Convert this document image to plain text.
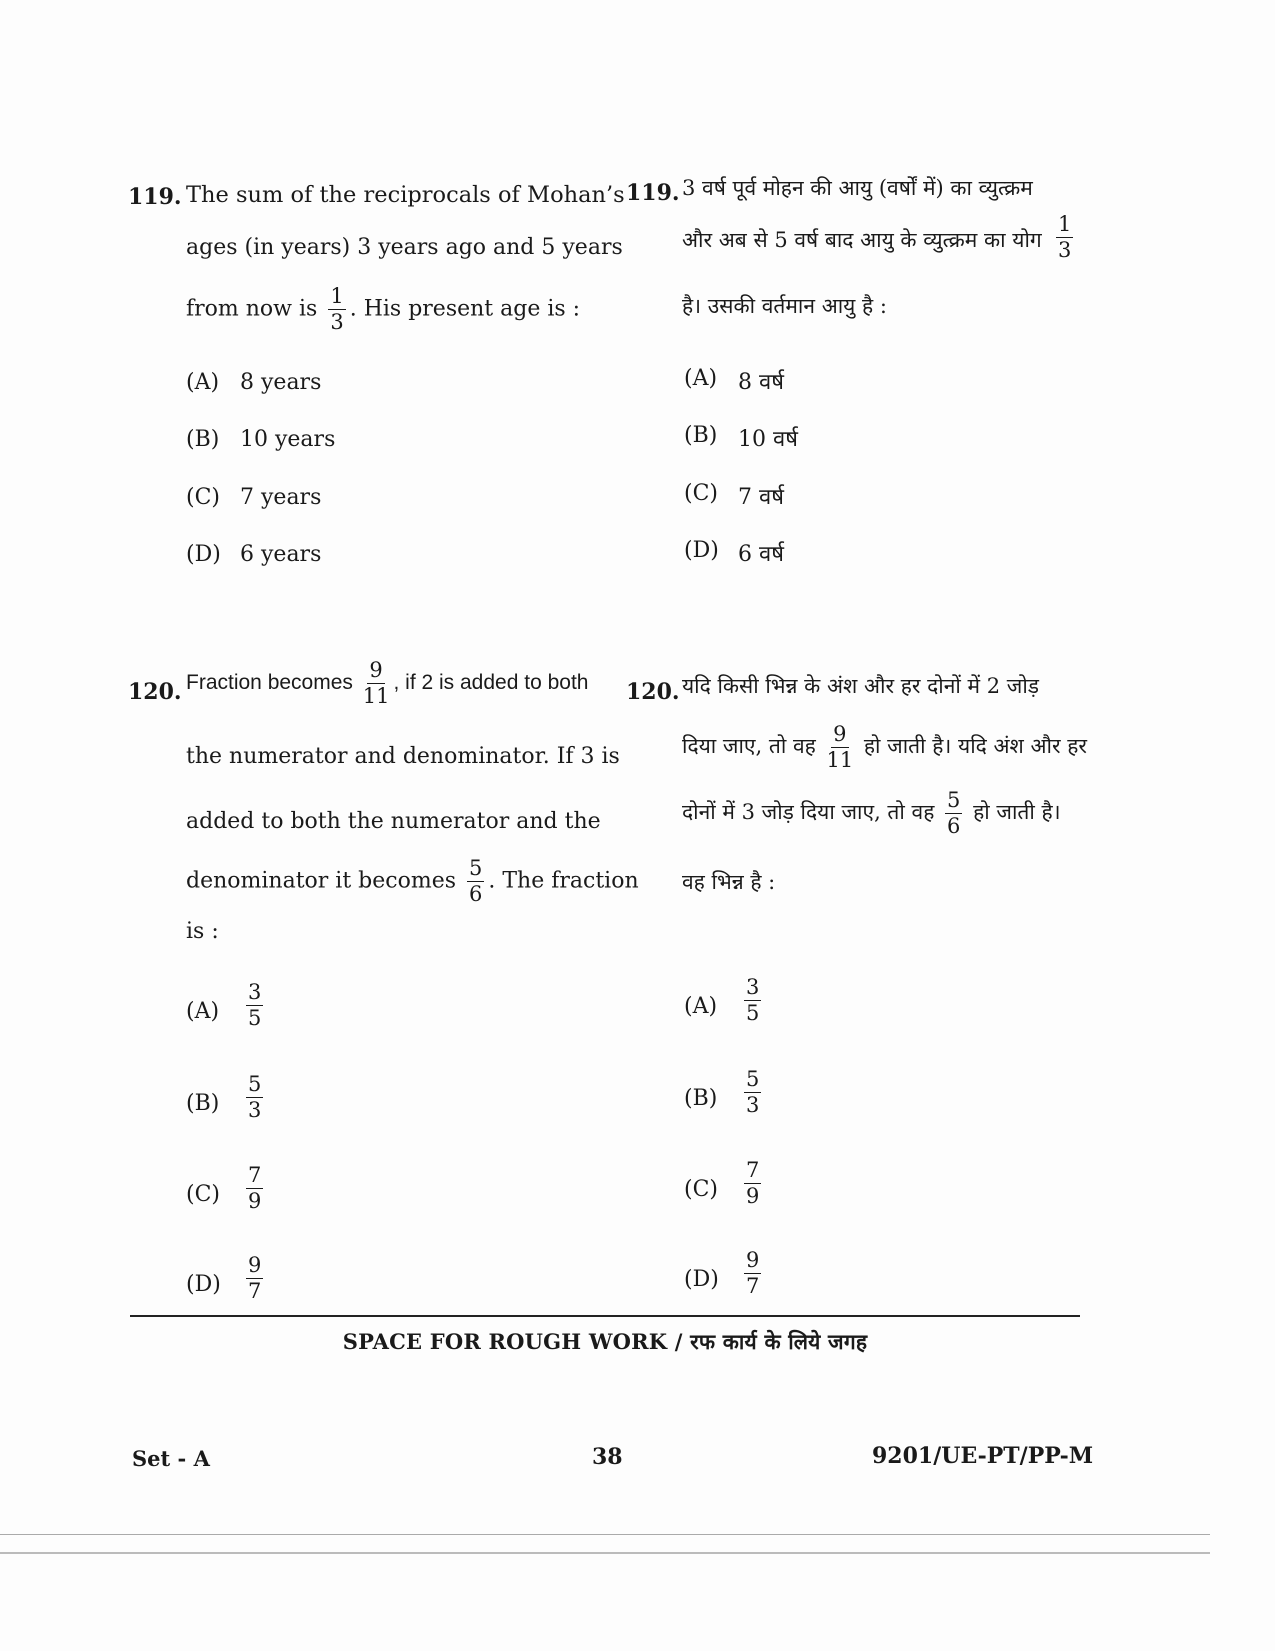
119. The sum of the reciprocals of Mohan’s
ages (in years) 3 years ago and 5 years
from now is $\frac{1}{3}$ . His present age is :
(A) 8 years
(B) 10 years
(C) 7 years
(D) 6 years
119. 3 वर्ष पूर्व मोहन की आयु (वर्षों में) का व्युत्क्रम
और अब से 5 वर्ष बाद आयु के व्युत्क्रम का योग $\frac{1}{3}$
है। उसकी वर्तमान आयु है :
(A) 8 वर्ष
(B) 10 वर्ष
(C) 7 वर्ष
(D) 6 वर्ष
120. Fraction becomes $\frac{9}{11}$ , if 2 is added to both
the numerator and denominator. If 3 is
added to both the numerator and the
denominator it becomes $\frac{5}{6}$ . The fraction
is :
$(A) \frac{3}{5}$
$(B) \frac{5}{3}$
$(C) \frac{7}{9}$
$(D) \frac{9}{7}$
120. यदि किसी भिन्न के अंश और हर दोनों में 2 जोड़
दिया जाए, तो वह $\frac{9}{11}$ हो जाती है। यदि अंश और हर
दोनों में 3 जोड़ दिया जाए, तो वह $\frac{5}{6}$ हो जाती है।
वह भिन्न है :
$(A) \frac{3}{5}$
$(B) \frac{5}{3}$
$(C) \frac{7}{9}$
$(D) \frac{9}{7}$
SPACE FOR ROUGH WORK / रफ कार्य के लिये जगह
Set - A	38	9201/UE-PT/PP-M
